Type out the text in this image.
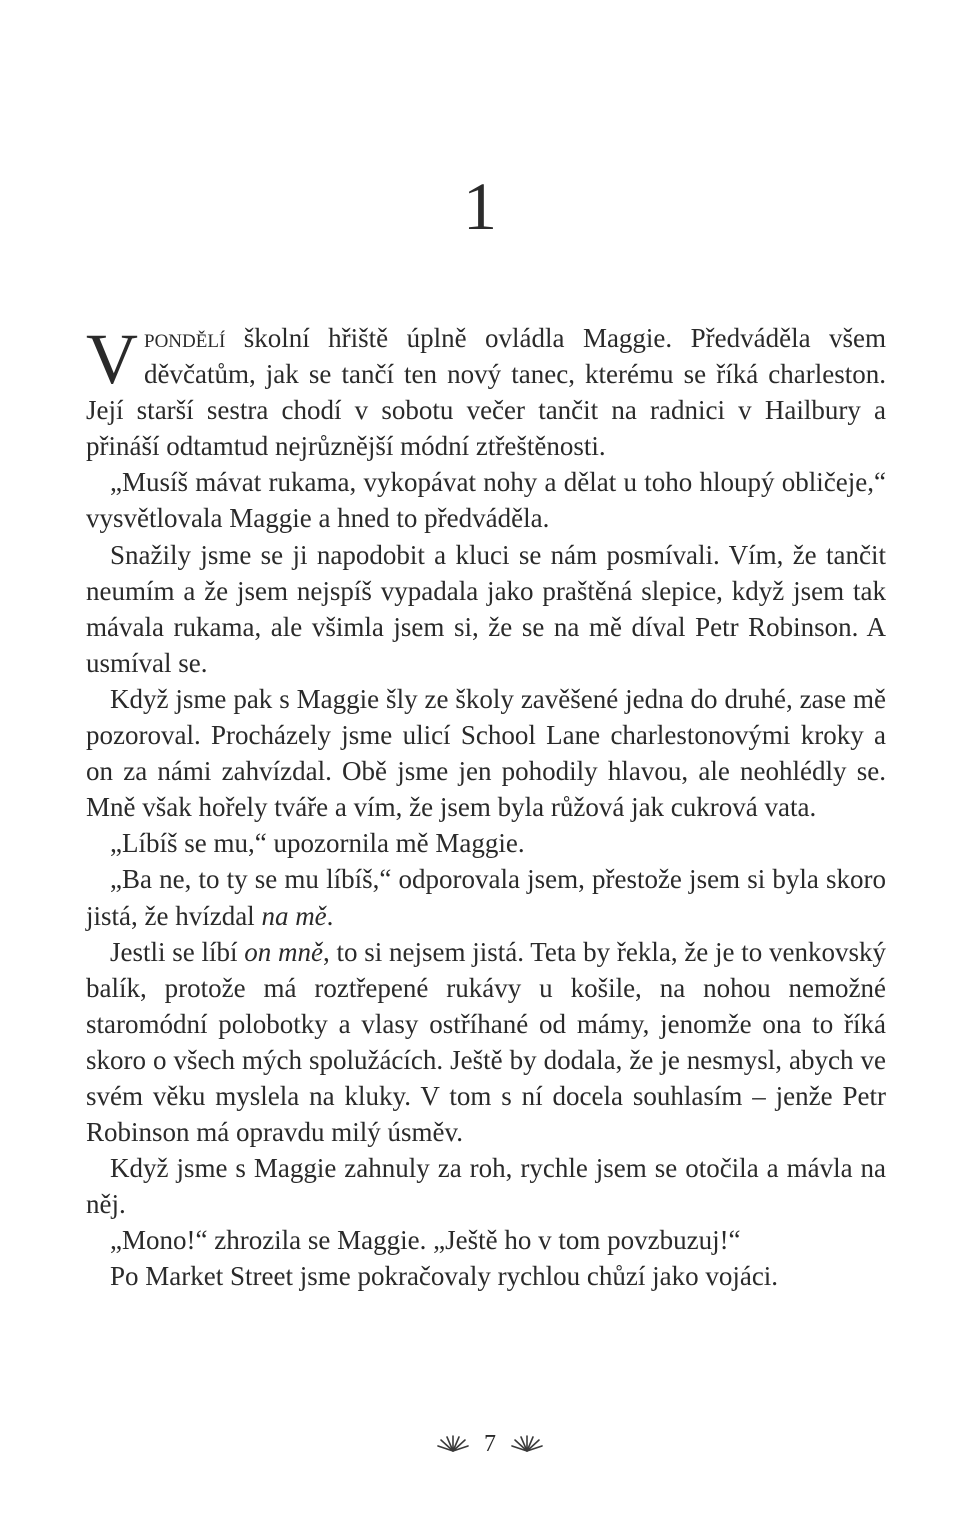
1

Vpondělí školní hřiště úplně ovládla Maggie. Předváděla všem děvčatům, jak se tančí ten nový tanec, kterému se říká charleston. Její starší sestra chodí v sobotu večer tančit na radnici v Hailbury a přináší odtamtud nejrůznější módní ztřeštěnosti.

„Musíš mávat rukama, vykopávat nohy a dělat u toho hloupý obličeje,“ vysvětlovala Maggie a hned to předváděla.

Snažily jsme se ji napodobit a kluci se nám posmívali. Vím, že tančit neumím a že jsem nejspíš vypadala jako praštěná slepice, když jsem tak mávala rukama, ale všimla jsem si, že se na mě díval Petr Robinson. A usmíval se.

Když jsme pak s Maggie šly ze školy zavěšené jedna do druhé, zase mě pozoroval. Procházely jsme ulicí School Lane charlestonovými kroky a on za námi zahvízdal. Obě jsme jen pohodily hlavou, ale neohlédly se. Mně však hořely tváře a vím, že jsem byla růžová jak cukrová vata.

„Líbíš se mu,“ upozornila mě Maggie.

„Ba ne, to ty se mu líbíš,“ odporovala jsem, přestože jsem si byla skoro jistá, že hvízdal na mě.

Jestli se líbí on mně, to si nejsem jistá. Teta by řekla, že je to venkovský balík, protože má roztřepené rukávy u košile, na nohou nemožné staromódní polobotky a vlasy ostříhané od mámy, jenomže ona to říká skoro o všech mých spolužácích. Ještě by dodala, že je nesmysl, abych ve svém věku myslela na kluky. V tom s ní docela souhlasím – jenže Petr Robinson má opravdu milý úsměv.

Když jsme s Maggie zahnuly za roh, rychle jsem se otočila a mávla na něj.

„Mono!“ zhrozila se Maggie. „Ještě ho v tom povzbuzuj!“

Po Market Street jsme pokračovaly rychlou chůzí jako vojáci.

7
